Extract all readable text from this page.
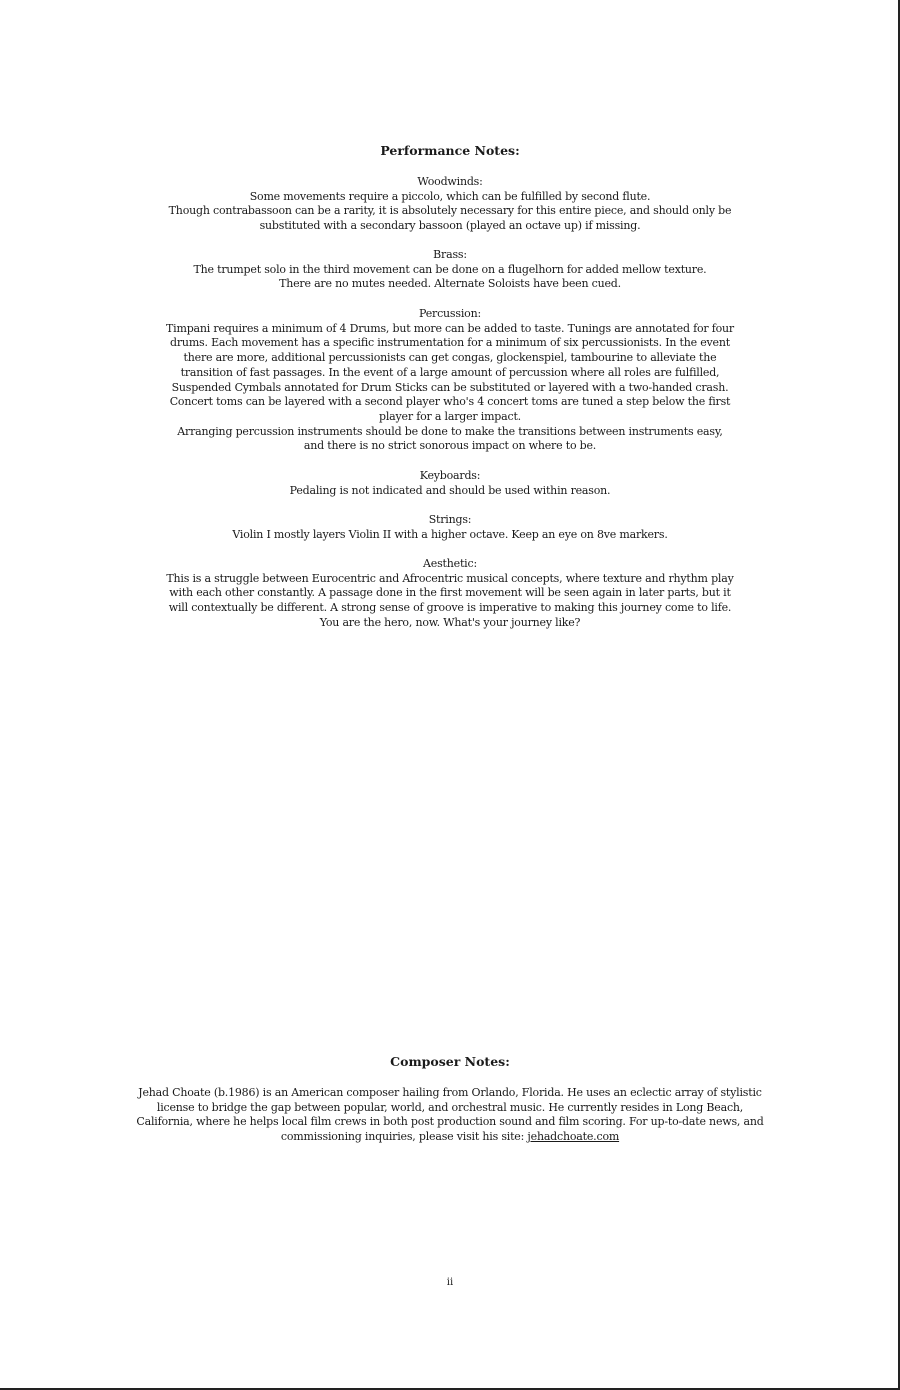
Performance Notes:
Woodwinds:
Some movements require a piccolo, which can be fulfilled by second flute.
Though contrabassoon can be a rarity, it is absolutely necessary for this entire piece, and should only be
substituted with a secondary bassoon (played an octave up) if missing.
Brass:
The trumpet solo in the third movement can be done on a flugelhorn for added mellow texture.
There are no mutes needed. Alternate Soloists have been cued.
Percussion:
Timpani requires a minimum of 4 Drums, but more can be added to taste. Tunings are annotated for four
drums. Each movement has a specific instrumentation for a minimum of six percussionists. In the event
there are more, additional percussionists can get congas, glockenspiel, tambourine to alleviate the
transition of fast passages. In the event of a large amount of percussion where all roles are fulfilled,
Suspended Cymbals annotated for Drum Sticks can be substituted or layered with a two-handed crash.
Concert toms can be layered with a second player who's 4 concert toms are tuned a step below the first
player for a larger impact.
Arranging percussion instruments should be done to make the transitions between instruments easy,
and there is no strict sonorous impact on where to be.
Keyboards:
Pedaling is not indicated and should be used within reason.
Strings:
Violin I mostly layers Violin II with a higher octave. Keep an eye on 8ve markers.
Aesthetic:
This is a struggle between Eurocentric and Afrocentric musical concepts, where texture and rhythm play
with each other constantly. A passage done in the first movement will be seen again in later parts, but it
will contextually be different. A strong sense of groove is imperative to making this journey come to life.
You are the hero, now. What's your journey like?
Composer Notes:
Jehad Choate (b.1986) is an American composer hailing from Orlando, Florida. He uses an eclectic array of stylistic
license to bridge the gap between popular, world, and orchestral music. He currently resides in Long Beach,
California, where he helps local film crews in both post production sound and film scoring. For up-to-date news, and
commissioning inquiries, please visit his site: jehadchoate.com
ii
